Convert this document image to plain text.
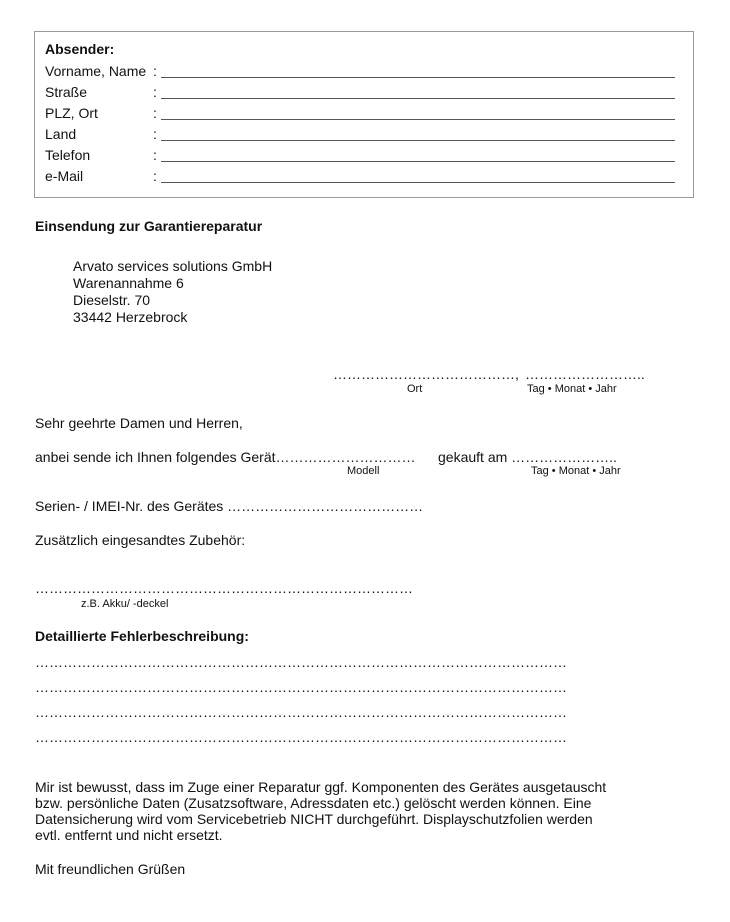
Absender:
Vorname, Name :
Straße	:
PLZ, Ort	:
Land	:
Telefon	:
e-Mail	:
Einsendung zur Garantiereparatur
Arvato services solutions GmbH
Warenannahme 6
Dieselstr. 70
33442 Herzebrock
…………………………………, ……………………..
Ort	Tag • Monat • Jahr
Sehr geehrte Damen und Herren,
anbei sende ich Ihnen folgendes Gerät………………………… gekauft am …………………..
Modell	Tag • Monat • Jahr
Serien- / IMEI-Nr. des Gerätes ……………………………………
Zusätzlich eingesandtes Zubehör:
………………………………………………………………………
z.B. Akku/ -deckel
Detaillierte Fehlerbeschreibung:
……………………………………………………………………………………………………
……………………………………………………………………………………………………
……………………………………………………………………………………………………
……………………………………………………………………………………………………
Mir ist bewusst, dass im Zuge einer Reparatur ggf. Komponenten des Gerätes ausgetauscht
bzw. persönliche Daten (Zusatzsoftware, Adressdaten etc.) gelöscht werden können. Eine
Datensicherung wird vom Servicebetrieb NICHT durchgeführt. Displayschutzfolien werden
evtl. entfernt und nicht ersetzt.
Mit freundlichen Grüßen
